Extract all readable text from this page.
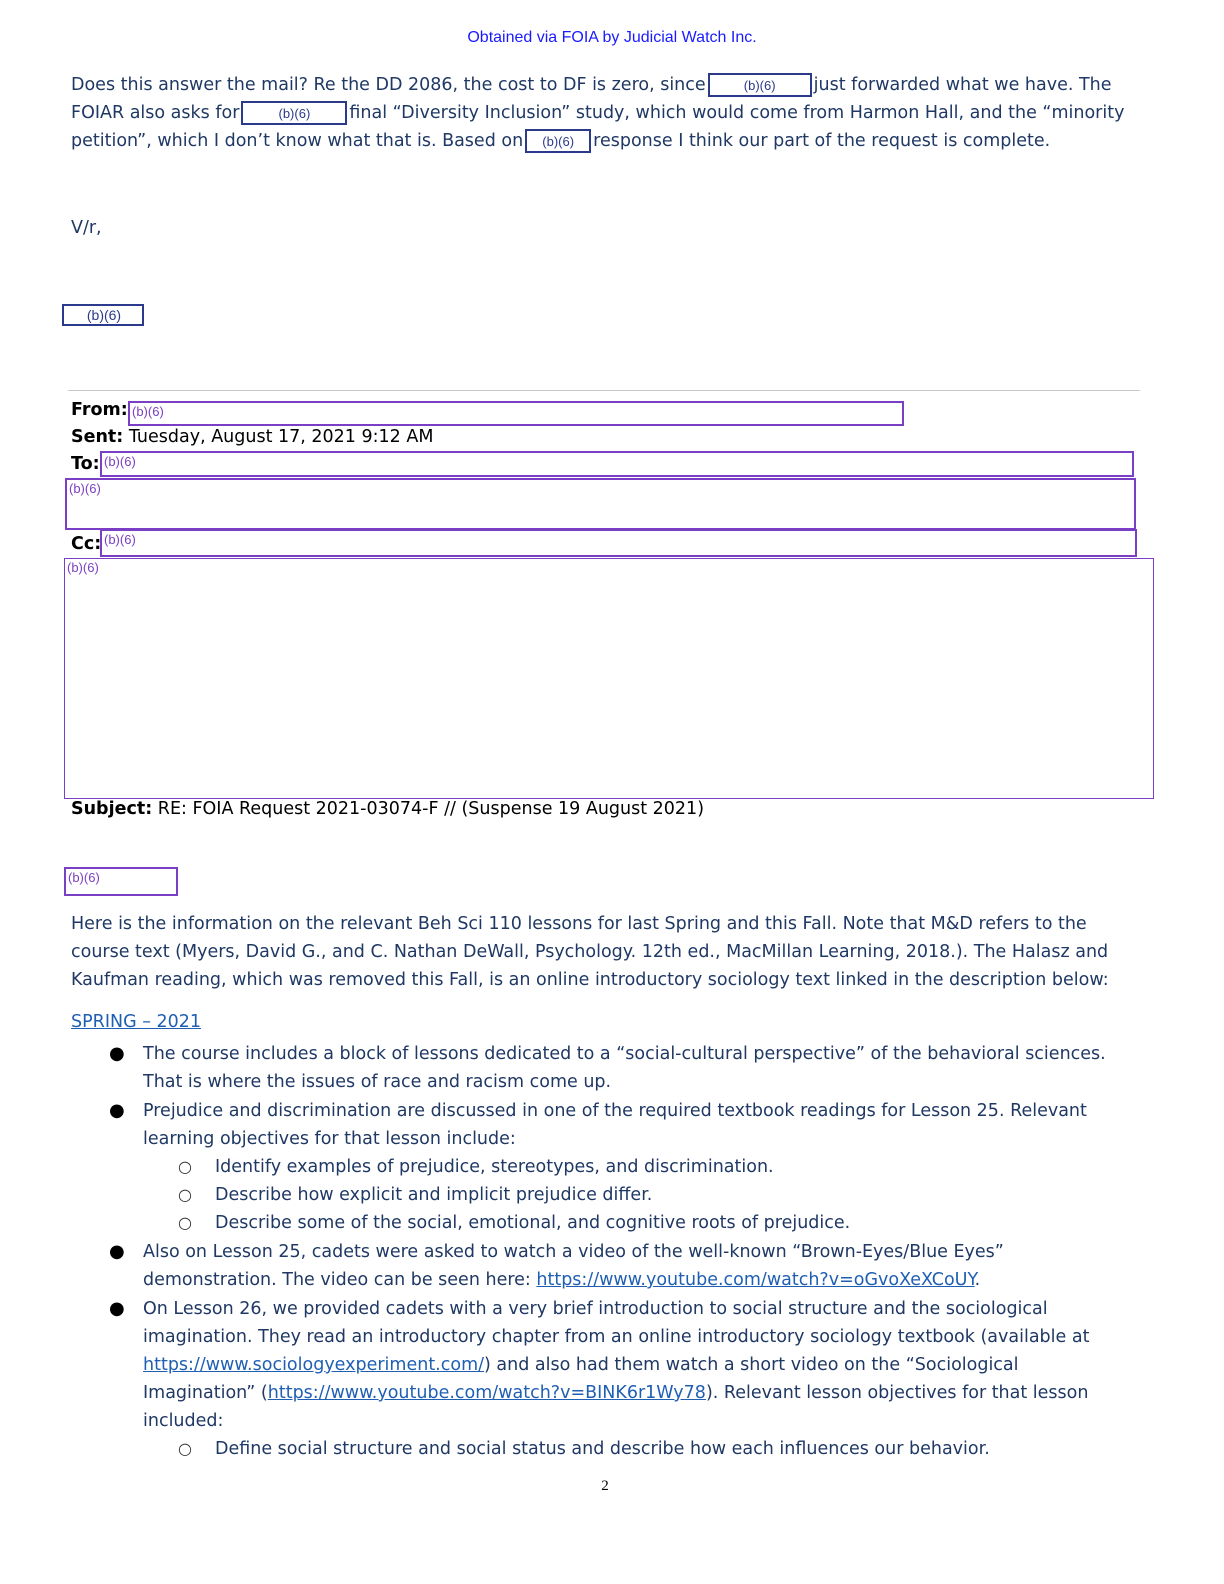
Obtained via FOIA by Judicial Watch Inc.
Does this answer the mail? Re the DD 2086, the cost to DF is zero, since	(b)(6) just forwarded what we have. The
FOIAR also asks for	(b)(6) final “Diversity Inclusion” study, which would come from Harmon Hall, and the “minority
petition”, which I don’t know what that is. Based on (b)(6) response I think our part of the request is complete.
V/r,
(b)(6)
From: (b)(6)
Sent: Tuesday, August 17, 2021 9:12 AM
To: (b)(6)
(b)(6)
Cc: (b)(6)
(b)(6)
Subject: RE: FOIA Request 2021-03074-F // (Suspense 19 August 2021)
(b)(6)
Here is the information on the relevant Beh Sci 110 lessons for last Spring and this Fall. Note that M&D refers to the course text (Myers, David G., and C. Nathan DeWall, Psychology. 12th ed., MacMillan Learning, 2018.). The Halasz and Kaufman reading, which was removed this Fall, is an online introductory sociology text linked in the description below:
SPRING – 2021
● The course includes a block of lessons dedicated to a “social-cultural perspective” of the behavioral sciences. That is where the issues of race and racism come up.
● Prejudice and discrimination are discussed in one of the required textbook readings for Lesson 25. Relevant learning objectives for that lesson include:
○ Identify examples of prejudice, stereotypes, and discrimination.
○ Describe how explicit and implicit prejudice differ.
○ Describe some of the social, emotional, and cognitive roots of prejudice.
● Also on Lesson 25, cadets were asked to watch a video of the well-known “Brown-Eyes/Blue Eyes” demonstration. The video can be seen here: https://www.youtube.com/watch?v=oGvoXeXCoUY.
● On Lesson 26, we provided cadets with a very brief introduction to social structure and the sociological imagination. They read an introductory chapter from an online introductory sociology textbook (available at https://www.sociologyexperiment.com/) and also had them watch a short video on the “Sociological Imagination” (https://www.youtube.com/watch?v=BINK6r1Wy78). Relevant lesson objectives for that lesson included:
○ Define social structure and social status and describe how each influences our behavior.
2
